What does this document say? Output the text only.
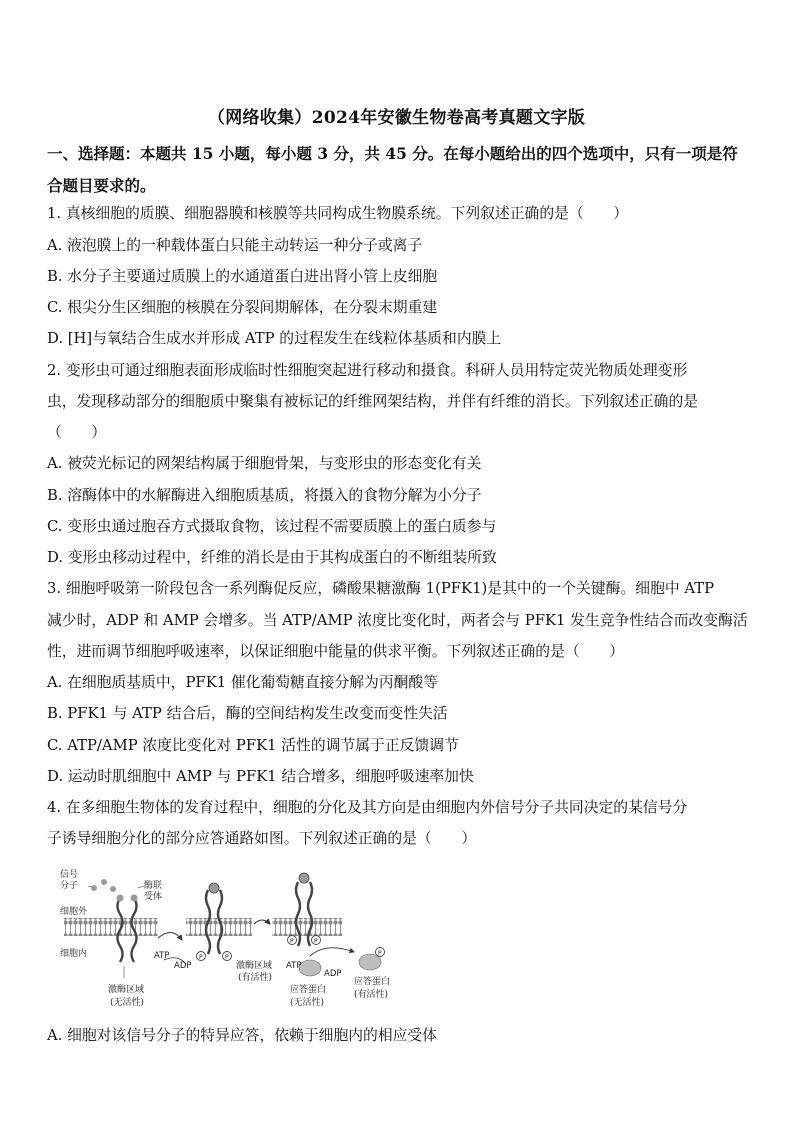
（网络收集）2024年安徽生物卷高考真题文字版
一、选择题：本题共 15 小题，每小题 3 分，共 45 分。在每小题给出的四个选项中，只有一项是符合题目要求的。
1. 真核细胞的质膜、细胞器膜和核膜等共同构成生物膜系统。下列叙述正确的是（　　）
A. 液泡膜上的一种载体蛋白只能主动转运一种分子或离子
B. 水分子主要通过质膜上的水通道蛋白进出肾小管上皮细胞
C. 根尖分生区细胞的核膜在分裂间期解体，在分裂末期重建
D. [H]与氧结合生成水并形成 ATP 的过程发生在线粒体基质和内膜上
2. 变形虫可通过细胞表面形成临时性细胞突起进行移动和摄食。科研人员用特定荧光物质处理变形
虫，发现移动部分的细胞质中聚集有被标记的纤维网架结构，并伴有纤维的消长。下列叙述正确的是
（　　）
A. 被荧光标记的网架结构属于细胞骨架，与变形虫的形态变化有关
B. 溶酶体中的水解酶进入细胞质基质，将摄入的食物分解为小分子
C. 变形虫通过胞吞方式摄取食物，该过程不需要质膜上的蛋白质参与
D. 变形虫移动过程中，纤维的消长是由于其构成蛋白的不断组装所致
3. 细胞呼吸第一阶段包含一系列酶促反应，磷酸果糖激酶 1(PFK1)是其中的一个关键酶。细胞中 ATP
减少时，ADP 和 AMP 会增多。当 ATP/AMP 浓度比变化时，两者会与 PFK1 发生竞争性结合而改变酶活
性，进而调节细胞呼吸速率，以保证细胞中能量的供求平衡。下列叙述正确的是（　　）
A. 在细胞质基质中，PFK1 催化葡萄糖直接分解为丙酮酸等
B. PFK1 与 ATP 结合后，酶的空间结构发生改变而变性失活
C. ATP/AMP 浓度比变化对 PFK1 活性的调节属于正反馈调节
D. 运动时肌细胞中 AMP 与 PFK1 结合增多，细胞呼吸速率加快
4. 在多细胞生物体的发育过程中，细胞的分化及其方向是由细胞内外信号分子共同决定的某信号分
子诱导细胞分化的部分应答通路如图。下列叙述正确的是（　　）
P	P
P	P
P
信号
分子	酶联
受体
细胞外
细胞内	ATP
ADP	ATP
ADP
激酶区域
(无活性)
激酶区域
(有活性)
应答蛋白
(无活性)
应答蛋白
(有活性)
A. 细胞对该信号分子的特异应答，依赖于细胞内的相应受体
